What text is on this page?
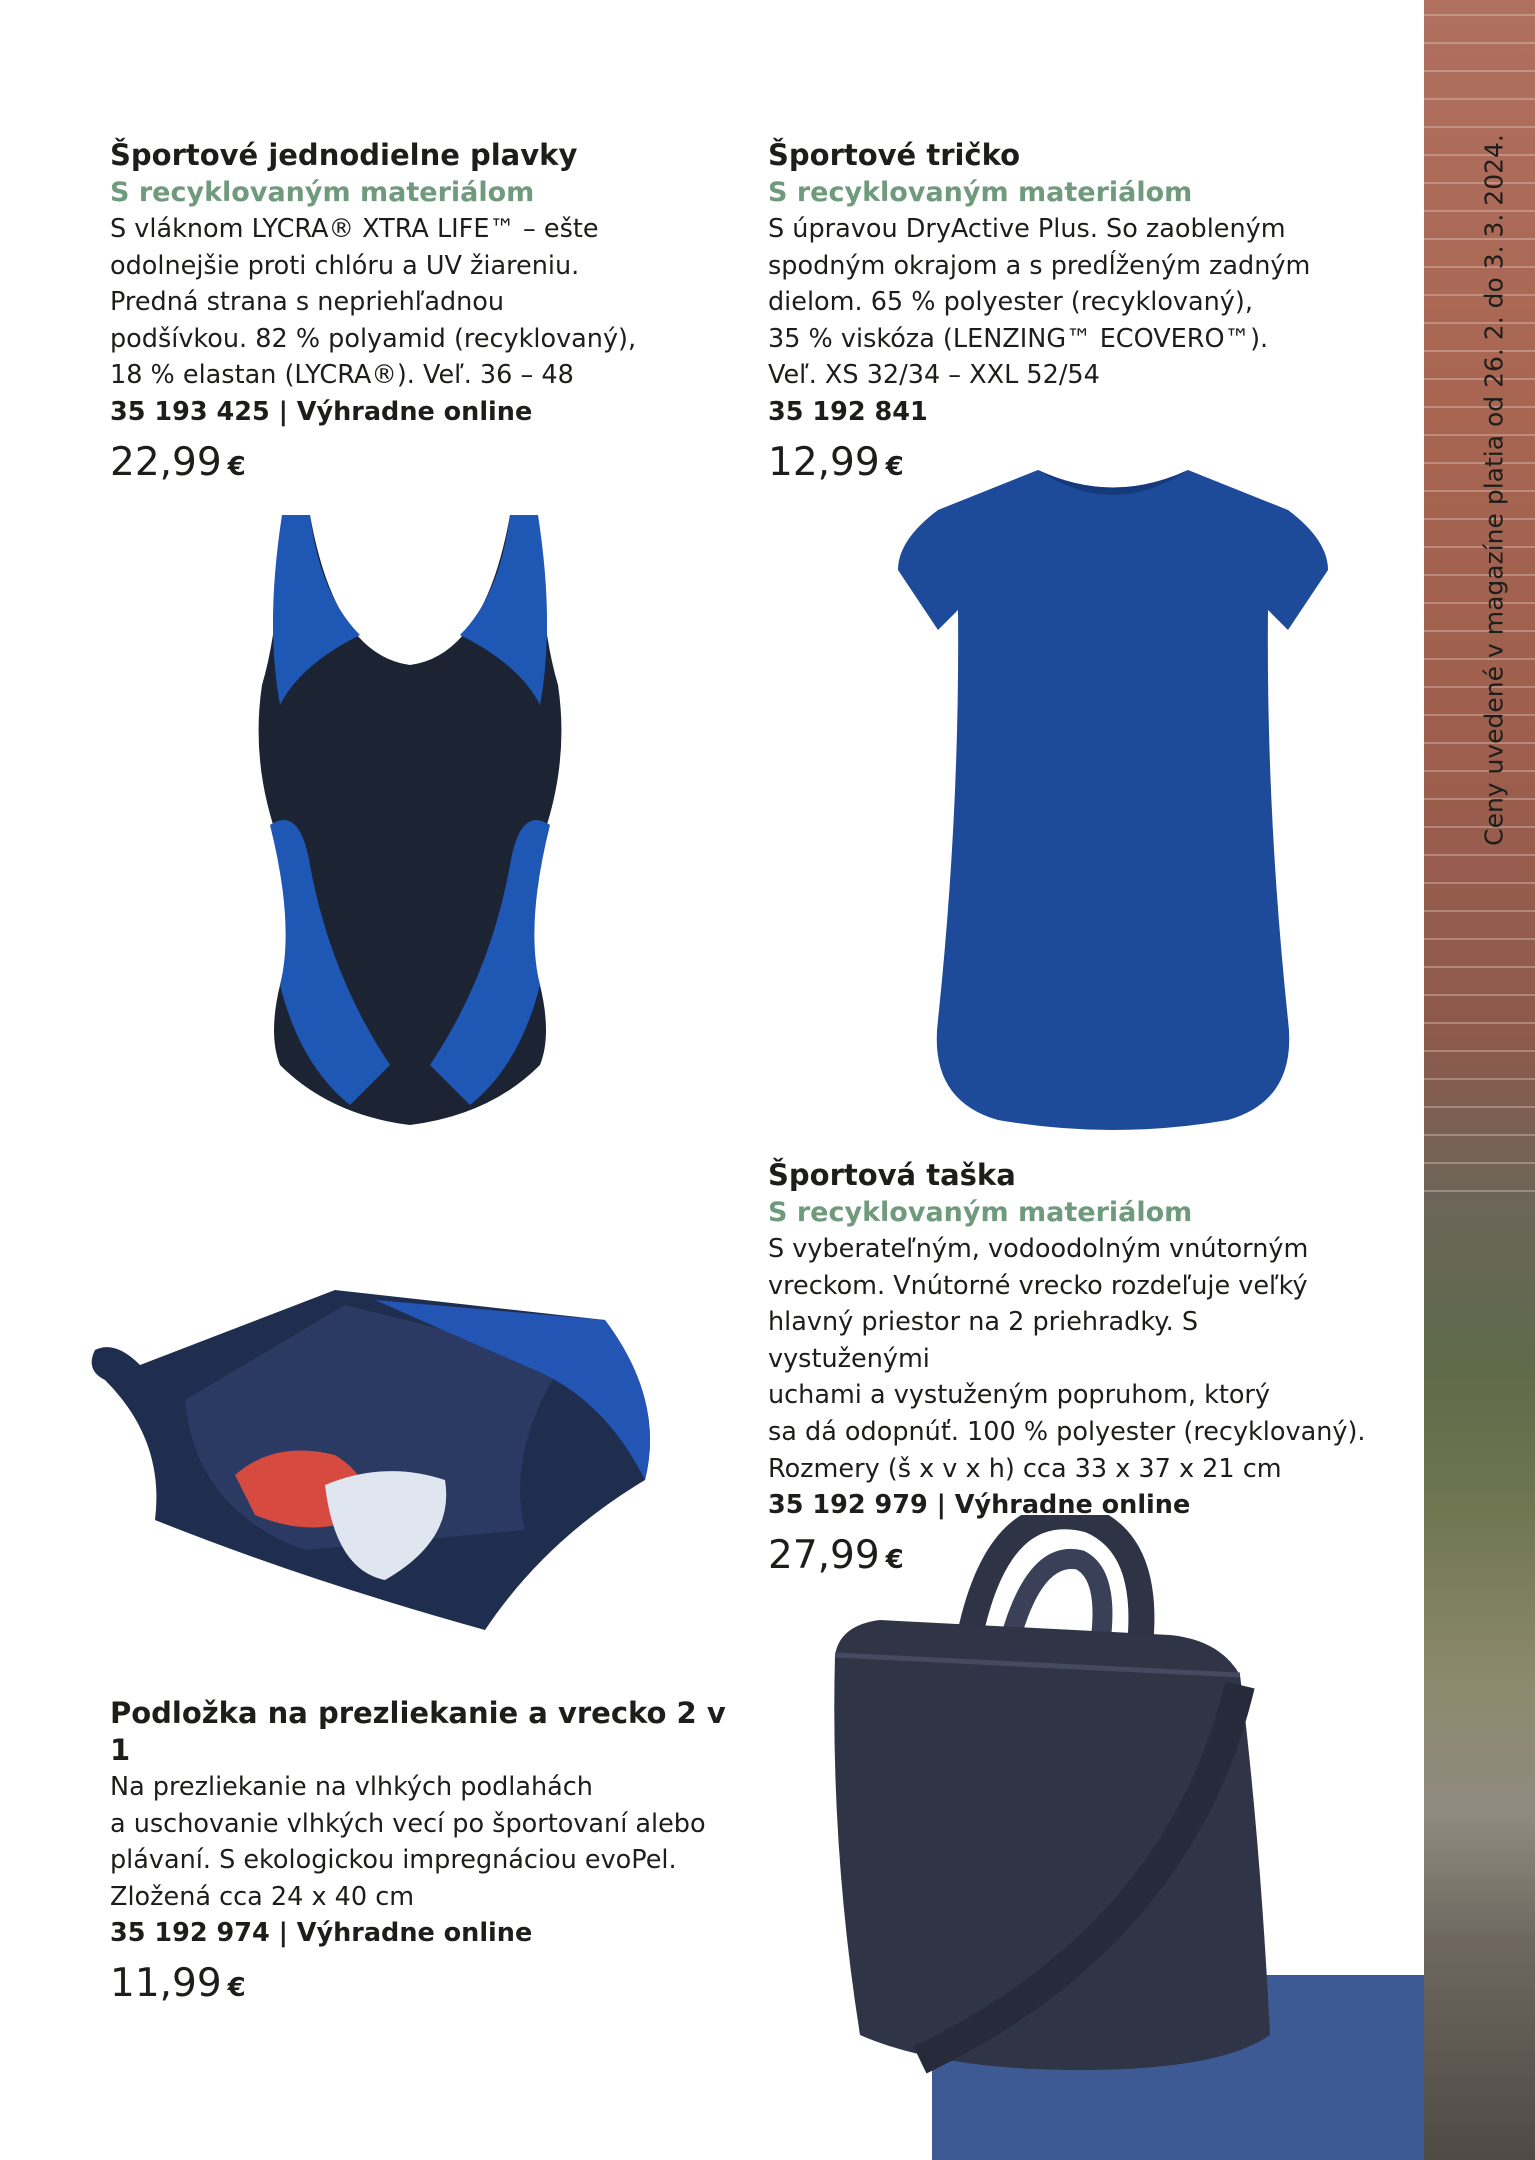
Ceny uvedené v magazíne platia od 26. 2. do 3. 3. 2024.
Športové jednodielne plavky
S recyklovaným materiálom
S vláknom LYCRA® XTRA LIFE™ – ešte
odolnejšie proti chlóru a UV žiareniu.
Predná strana s nepriehľadnou
podšívkou. 82 % polyamid (recyklovaný),
18 % elastan (LYCRA®). Veľ. 36 – 48
35 193 425 | Výhradne online
22,99 €
Športové tričko
S recyklovaným materiálom
S úpravou DryActive Plus. So zaobleným
spodným okrajom a s predĺženým zadným
dielom. 65 % polyester (recyklovaný),
35 % viskóza (LENZING™ ECOVERO™).
Veľ. XS 32/34 – XXL 52/54
35 192 841
12,99 €
Športová taška
S recyklovaným materiálom
S vyberateľným, vodoodolným vnútorným
vreckom. Vnútorné vrecko rozdeľuje veľký
hlavný priestor na 2 priehradky. S vystuženými
uchami a vystuženým popruhom, ktorý
sa dá odopnúť. 100 % polyester (recyklovaný).
Rozmery (š x v x h) cca 33 x 37 x 21 cm
35 192 979 | Výhradne online
27,99 €
Podložka na prezliekanie a vrecko 2 v 1
Na prezliekanie na vlhkých podlahách
a uschovanie vlhkých vecí po športovaní alebo
plávaní. S ekologickou impregnáciou evoPel.
Zložená cca 24 x 40 cm
35 192 974 | Výhradne online
11,99 €
